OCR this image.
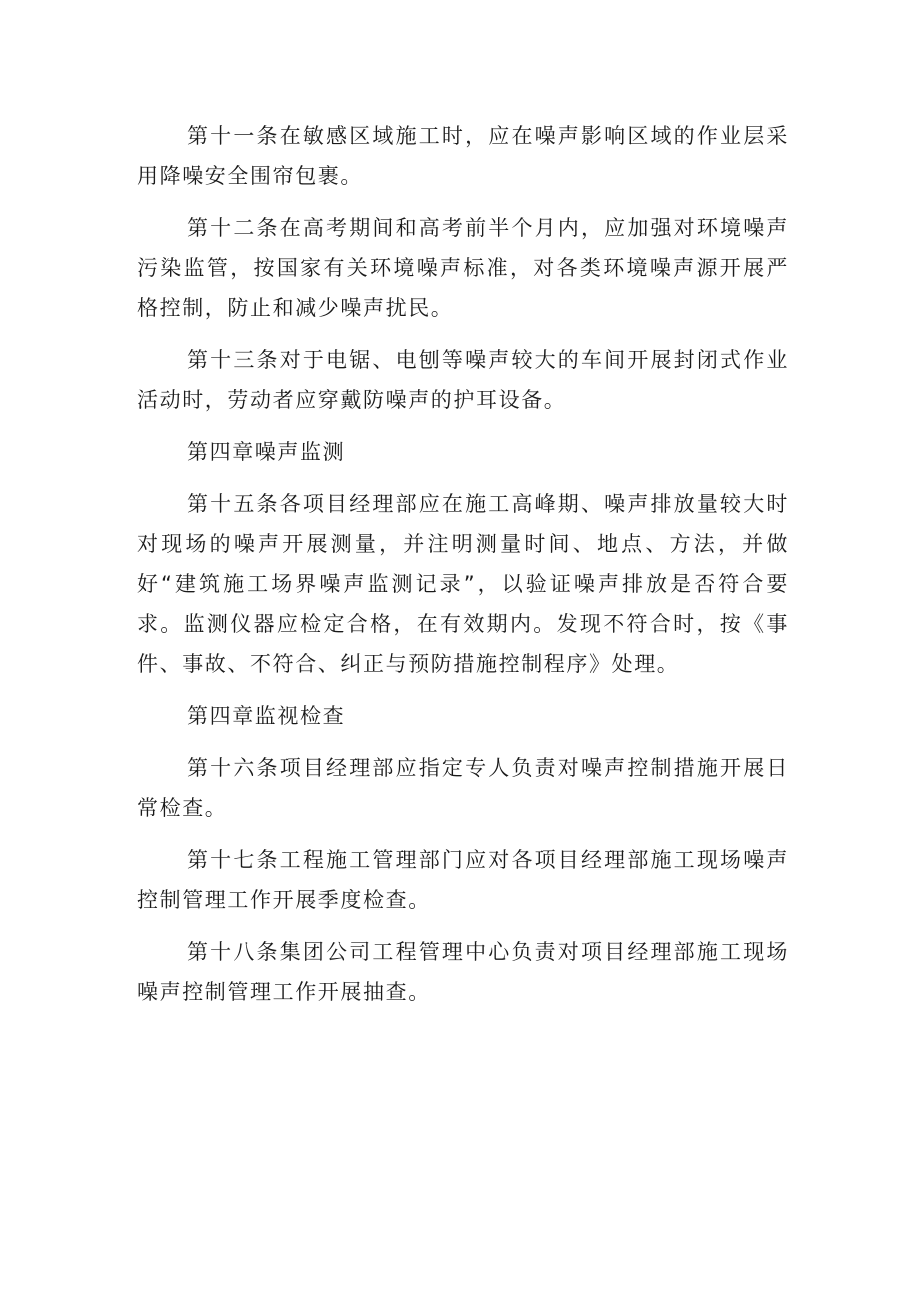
第十一条在敏感区域施工时，应在噪声影响区域的作业层采用降噪安全围帘包裹。

第十二条在高考期间和高考前半个月内，应加强对环境噪声污染监管，按国家有关环境噪声标准，对各类环境噪声源开展严格控制，防止和减少噪声扰民。

第十三条对于电锯、电刨等噪声较大的车间开展封闭式作业活动时，劳动者应穿戴防噪声的护耳设备。

第四章噪声监测

第十五条各项目经理部应在施工高峰期、噪声排放量较大时对现场的噪声开展测量，并注明测量时间、地点、方法，并做好“建筑施工场界噪声监测记录”，以验证噪声排放是否符合要求。监测仪器应检定合格，在有效期内。发现不符合时，按《事件、事故、不符合、纠正与预防措施控制程序》处理。

第四章监视检查

第十六条项目经理部应指定专人负责对噪声控制措施开展日常检查。

第十七条工程施工管理部门应对各项目经理部施工现场噪声控制管理工作开展季度检查。

第十八条集团公司工程管理中心负责对项目经理部施工现场噪声控制管理工作开展抽查。
